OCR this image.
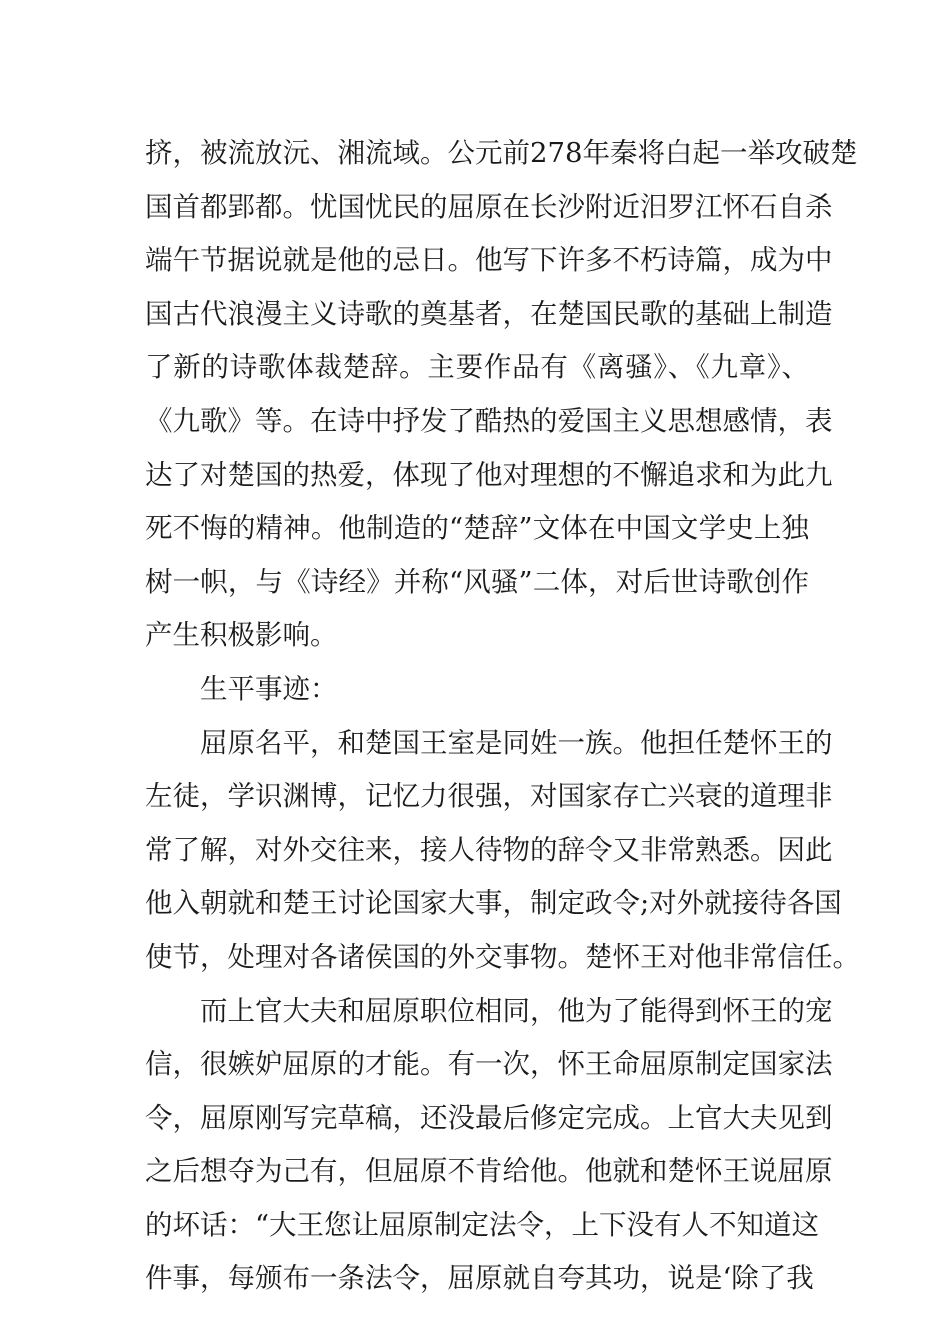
挤，被流放沅、湘流域。公元前278年秦将白起一举攻破楚
国首都郢都。忧国忧民的屈原在长沙附近汨罗江怀石自杀
端午节据说就是他的忌日。他写下许多不朽诗篇，成为中
国古代浪漫主义诗歌的奠基者，在楚国民歌的基础上制造
了新的诗歌体裁楚辞。主要作品有《离骚》、《九章》、
《九歌》等。在诗中抒发了酷热的爱国主义思想感情，表
达了对楚国的热爱，体现了他对理想的不懈追求和为此九
死不悔的精神。他制造的“楚辞”文体在中国文学史上独
树一帜，与《诗经》并称“风骚”二体，对后世诗歌创作
产生积极影响。
生平事迹：
屈原名平，和楚国王室是同姓一族。他担任楚怀王的
左徒，学识渊博，记忆力很强，对国家存亡兴衰的道理非
常了解，对外交往来，接人待物的辞令又非常熟悉。因此
他入朝就和楚王讨论国家大事，制定政令;对外就接待各国
使节，处理对各诸侯国的外交事物。楚怀王对他非常信任。
而上官大夫和屈原职位相同，他为了能得到怀王的宠
信，很嫉妒屈原的才能。有一次，怀王命屈原制定国家法
令，屈原刚写完草稿，还没最后修定完成。上官大夫见到
之后想夺为己有，但屈原不肯给他。他就和楚怀王说屈原
的坏话：“大王您让屈原制定法令，上下没有人不知道这
件事，每颁布一条法令，屈原就自夸其功，说是‘除了我
